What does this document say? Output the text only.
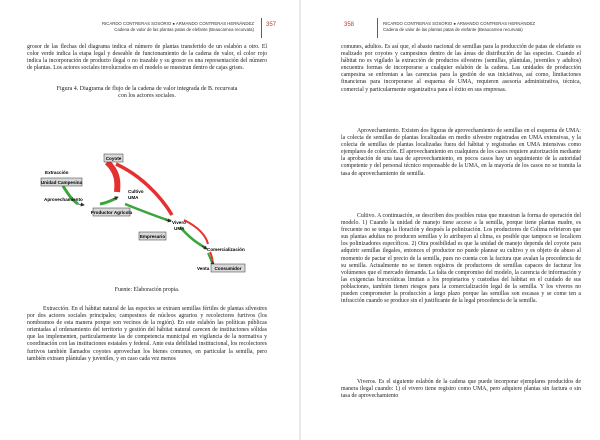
RICARDO CONTRERAS SOSORIO ● ARMANDO CONTRERAS HERNÁNDEZ
Cadena de valor de las plantas patas de elefante (Beaucarnea recurvata)
357

grosor de las flechas del diagrama indica el número de plantas transferido de un eslabón a otro. El color verde indica la etapa legal y deseable de funcionamiento de la cadena de valor, el color rojo indica la incorporación de producto ilegal o no trazable y su grosor es una representación del número de plantas. Los actores sociales involucrados en el modelo se muestran dentro de cajas grises.

Figura 4. Diagrama de flujo de la cadena de valor integrada de B. recurvata
con los actores sociales.
Coyote
Extracción
Unidad Campesina
Aprovechamiento
Cultivo
UMA
Productor Agrícola
Vivero
UMA
Empresario
Comercialización
Venta Consumidor
Fuente: Elaboración propia.

Extracción. En el hábitat natural de las especies se extraen semillas fértiles de plantas silvestres por dos actores sociales principales; campesinos de núcleos agrarios y recolectores furtivos (los nombramos de esta manera porque son vecinos de la región). En este eslabón las políticas públicas orientadas al ordenamiento del territorio y gestión del hábitat natural carecen de instituciones sólidas que las implementen, particularmente las de competencia municipal en vigilancia de la normativa y coordinación con las instituciones estatales y federal. Ante esta debilidad institucional, los recolectores furtivos también llamados coyotes aprovechan los bienes comunes, en particular la semilla, pero también extraen plántulas y juveniles, y en caso cada vez menos

358	RICARDO CONTRERAS SOSORIO ● ARMANDO CONTRERAS HERNÁNDEZ
Cadena de valor de las plantas patas de elefante (Beaucarnea recurvata)

comunes, adultos. Es así que, el abasto nacional de semillas para la producción de patas de elefante es realizado por coyotes y campesinos dentro de las áreas de distribución de las especies. Cuando el hábitat no es vigilado la extracción de productos silvestres (semillas, plántulas, juveniles y adultos) encuentra formas de incorporarse a cualquier eslabón de la cadena. Las unidades de producción campesina se enfrentan a las carencias para la gestión de sus iniciativas, así como, limitaciones financieras para incorporarse al esquema de UMA, requieren asesoría administrativa, técnica, comercial y particularmente organizativa para el éxito en sus empresas.

Aprovechamiento. Existen dos figuras de aprovechamiento de semillas en el esquema de UMA: la colecta de semillas de plantas localizadas en medio silvestre registradas en UMA extensivas, y la colecta de semillas de plantas localizadas fuera del hábitat y registradas en UMA intensivas como ejemplares de colección. El aprovechamiento en cualquiera de los casos requiere autorización mediante la aprobación de una tasa de aprovechamiento, en pocos casos hay un seguimiento de la autoridad competente y del personal técnico responsable de la UMA, en la mayoría de los casos no se tramita la tasa de aprovechamiento de semilla.

Cultivo. A continuación, se describen dos posibles rutas que muestran la forma de operación del modelo. 1) Cuando la unidad de manejo tiene acceso a la semilla, porque tiene plantas madre, es frecuente no se tenga la floración y después la polinización. Los productores de Colima refirieron que sus plantas adultas no producen semillas y lo atribuyen al clima, es posible que tampoco se localicen los polinizadores específicos. 2) Otra posibilidad es que la unidad de manejo dependa del coyote para adquirir semillas ilegales, entonces el productor no puede planear su cultivo y es objeto de abuso al momento de pactar el precio de la semilla, pues no cuenta con la factura que avalan la procedencia de su semilla. Actualmente no se tienen registros de productores de semillas capaces de facturar los volúmenes que el mercado demanda. La falta de compromiso del modelo, la carencia de información y las exigencias burocráticas limitan a los propietarios y custodias del hábitat en el cuidado de sus poblaciones, también tienen riesgos para la comercialización legal de la semilla. Y los viveros no pueden comprometer la producción a largo plazo porque las semillas son escasas y se come ten a infracción cuando se produce sin el justificante de la legal procedencia de la semilla.

Viveros. Es el siguiente eslabón de la cadena que puede incorporar ejemplares producidos de manera ilegal cuando: 1) el vivero tiene registro como UMA, pero adquiere plantas sin factura o sin tasa de aprovechamiento
